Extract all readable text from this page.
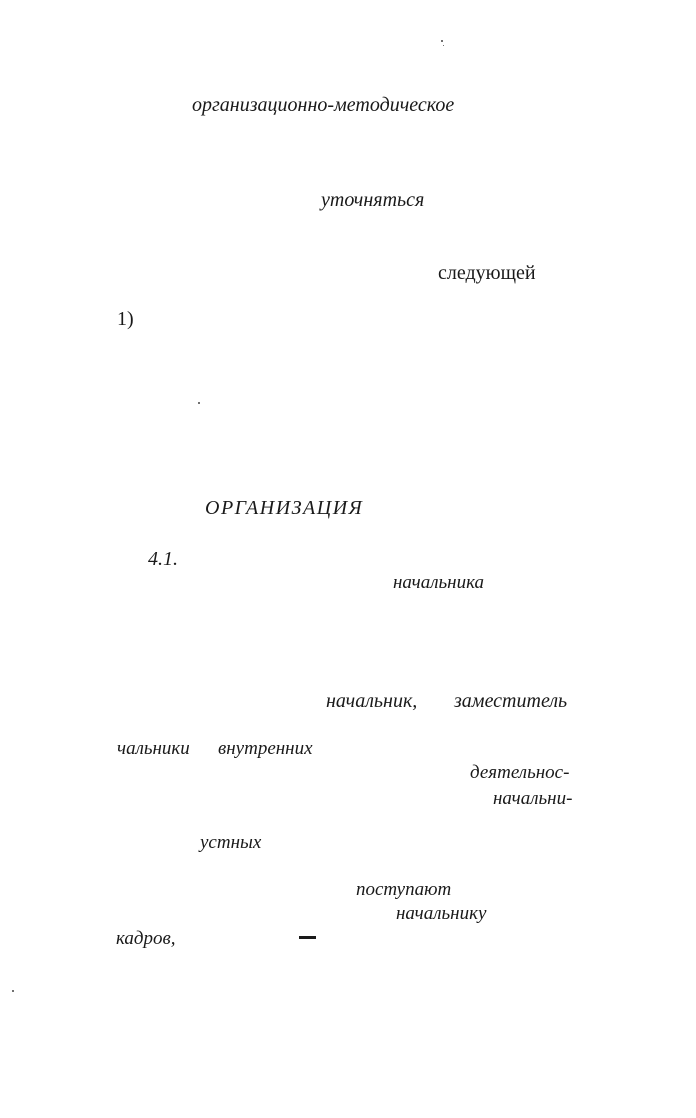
организационно-методическое
уточняться
следующей
1)
ОРГАНИЗАЦИЯ
4.1.
начальника
начальник, заместитель
чальники внутренних
деятельнос-
начальни-
устных
поступают
начальнику
кадров,
